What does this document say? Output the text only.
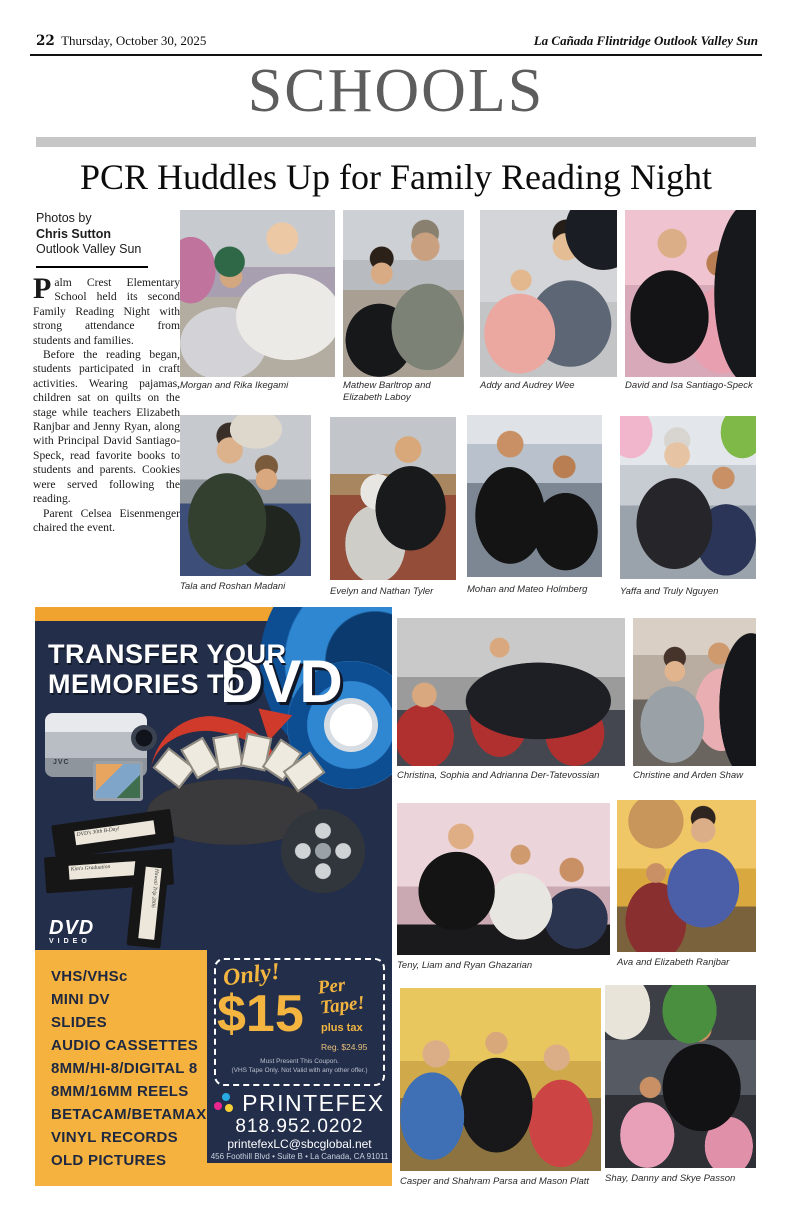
22 Thursday, October 30, 2025	La Cañada Flintridge Outlook Valley Sun
SCHOOLS
PCR Huddles Up for Family Reading Night
Photos by
Chris Sutton
Outlook Valley Sun

Palm Crest Elementary School held its second Family Reading Night with strong attendance from students and families.

Before the reading began, students participated in craft activities. Wearing pajamas, children sat on quilts on the stage while teachers Elizabeth Ranjbar and Jenny Ryan, along with Principal David Santiago-Speck, read favorite books to students and parents. Cookies were served following the reading.

Parent Celsea Eisenmenger chaired the event.

Morgan and Rika Ikegami	Mathew Barltrop and Elizabeth Laboy
Addy and Audrey Wee	David and Isa Santiago-Speck
Tala and Roshan Madani	Evelyn and Nathan Tyler	Mohan and Mateo Holmberg	Yaffa and Truly Nguyen
DVD
TRANSFER YOUR
MEMORIES TO
JVC
DVD's 30th B-Day!
Kim's Graduation
Hawaii Trip 2006
DVD
VIDEO
VHS/VHSc
MINI DV
SLIDES
AUDIO CASSETTES
8MM/HI-8/DIGITAL 8
8MM/16MM REELS
BETACAM/BETAMAX
VINYL RECORDS
OLD PICTURES
Only!
$15 Per
Tape!
plus tax
Reg. $24.95
Must Present This Coupon.
(VHS Tape Only. Not Valid with any other offer.)
PRINTEFEX
818.952.0202
printefexLC@sbcglobal.net
456 Foothill Blvd • Suite B • La Canada, CA 91011
Christina, Sophia and Adrianna Der-Tatevossian	Christine and Arden Shaw
Teny, Liam and Ryan Ghazarian	Ava and Elizabeth Ranjbar
Casper and Shahram Parsa and Mason Platt	Shay, Danny and Skye Passon
